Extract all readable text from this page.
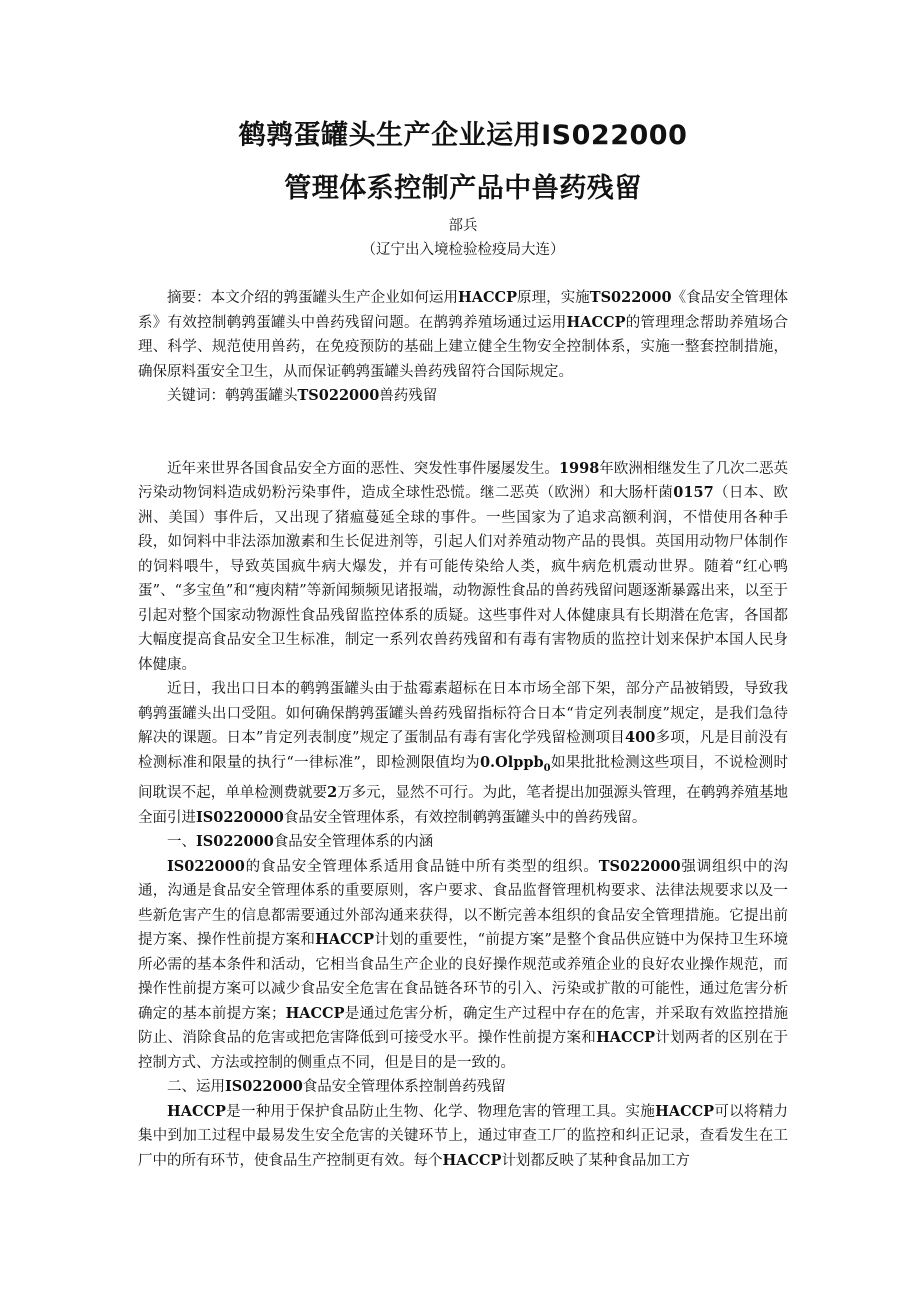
鹤鹑蛋罐头生产企业运用IS022000
管理体系控制产品中兽药残留
部兵
（辽宁出入境检验检疫局大连）

摘要：本文介绍的鹑蛋罐头生产企业如何运用HACCP原理，实施TS022000《食品安全管理体系》有效控制鹌鹑蛋罐头中兽药残留问题。在鹊鹑养殖场通过运用HACCP的管理理念帮助养殖场合理、科学、规范使用兽药，在免疫预防的基础上建立健全生物安全控制体系，实施一整套控制措施，确保原料蛋安全卫生，从而保证鹌鹑蛋罐头兽药残留符合国际规定。

关键词：鹌鹑蛋罐头TS022000兽药残留

近年来世界各国食品安全方面的恶性、突发性事件屡屡发生。1998年欧洲相继发生了几次二恶英污染动物饲料造成奶粉污染事件，造成全球性恐慌。继二恶英（欧洲）和大肠杆菌0157（日本、欧洲、美国）事件后，又出现了猪瘟蔓延全球的事件。一些国家为了追求高额利润，不惜使用各种手段，如饲料中非法添加激素和生长促进剂等，引起人们对养殖动物产品的畏惧。英国用动物尸体制作的饲料喂牛，导致英国疯牛病大爆发，并有可能传染给人类，疯牛病危机震动世界。随着“红心鸭蛋”、“多宝鱼”和“瘦肉精”等新闻频频见诸报端，动物源性食品的兽药残留问题逐渐暴露出来，以至于引起对整个国家动物源性食品残留监控体系的质疑。这些事件对人体健康具有长期潜在危害，各国都大幅度提高食品安全卫生标准，制定一系列农兽药残留和有毒有害物质的监控计划来保护本国人民身体健康。

近日，我出口日本的鹌鹑蛋罐头由于盐霉素超标在日本市场全部下架，部分产品被销毁，导致我鹌鹑蛋罐头出口受阻。如何确保鹊鹑蛋罐头兽药残留指标符合日本“肯定列表制度”规定，是我们急待解决的课题。日本”肯定列表制度”规定了蛋制品有毒有害化学残留检测项目400多项，凡是目前没有检测标准和限量的执行“一律标准”，即检测限值均为0.Olppb$_0$如果批批检测这些项目，不说检测时间耽误不起，单单检测费就要2万多元，显然不可行。为此，笔者提出加强源头管理，在鹌鹑养殖基地全面引进IS0220000食品安全管理体系，有效控制鹌鹑蛋罐头中的兽药残留。

一、IS022000食品安全管理体系的内涵

IS022000的食品安全管理体系适用食品链中所有类型的组织。TS022000强调组织中的沟通，沟通是食品安全管理体系的重要原则，客户要求、食品监督管理机构要求、法律法规要求以及一些新危害产生的信息都需要通过外部沟通来获得，以不断完善本组织的食品安全管理措施。它提出前提方案、操作性前提方案和HACCP计划的重要性，“前提方案”是整个食品供应链中为保持卫生环境所必需的基本条件和活动，它相当食品生产企业的良好操作规范或养殖企业的良好农业操作规范，而操作性前提方案可以减少食品安全危害在食品链各环节的引入、污染或扩散的可能性，通过危害分析确定的基本前提方案；HACCP是通过危害分析，确定生产过程中存在的危害，并采取有效监控措施防止、消除食品的危害或把危害降低到可接受水平。操作性前提方案和HACCP计划两者的区别在于控制方式、方法或控制的侧重点不同，但是目的是一致的。

二、运用IS022000食品安全管理体系控制兽药残留

HACCP是一种用于保护食品防止生物、化学、物理危害的管理工具。实施HACCP可以将精力集中到加工过程中最易发生安全危害的关键环节上，通过审查工厂的监控和纠正记录，查看发生在工厂中的所有环节，使食品生产控制更有效。每个HACCP计划都反映了某种食品加工方
